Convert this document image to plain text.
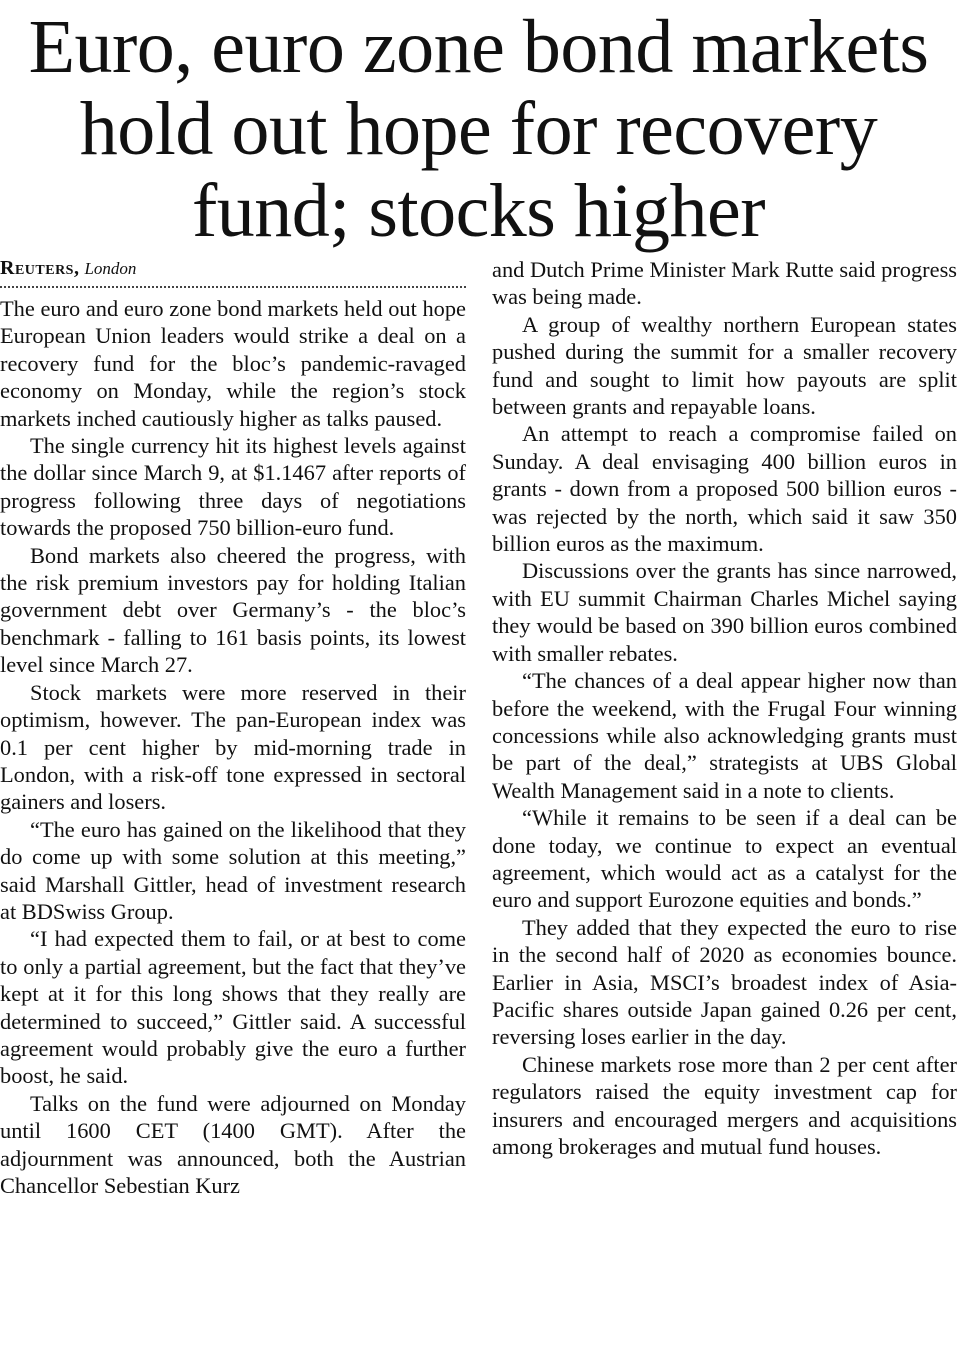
Euro, euro zone bond markets hold out hope for recovery fund; stocks higher
Reuters, London

The euro and euro zone bond markets held out hope European Union leaders would strike a deal on a recovery fund for the bloc’s pandemic-ravaged economy on Monday, while the region’s stock markets inched cautiously higher as talks paused.

The single currency hit its highest levels against the dollar since March 9, at $1.1467 after reports of progress following three days of negotiations towards the proposed 750 billion-euro fund.

Bond markets also cheered the progress, with the risk premium investors pay for holding Italian government debt over Germany’s - the bloc’s benchmark - falling to 161 basis points, its lowest level since March 27.

Stock markets were more reserved in their optimism, however. The pan-European index was 0.1 per cent higher by mid-morning trade in London, with a risk-off tone expressed in sectoral gainers and losers.

“The euro has gained on the likelihood that they do come up with some solution at this meeting,” said Marshall Gittler, head of investment research at BDSwiss Group.

“I had expected them to fail, or at best to come to only a partial agreement, but the fact that they’ve kept at it for this long shows that they really are determined to succeed,” Gittler said. A successful agreement would probably give the euro a further boost, he said.

Talks on the fund were adjourned on Monday until 1600 CET (1400 GMT). After the adjournment was announced, both the Austrian Chancellor Sebestian Kurz

and Dutch Prime Minister Mark Rutte said progress was being made.

A group of wealthy northern European states pushed during the summit for a smaller recovery fund and sought to limit how payouts are split between grants and repayable loans.

An attempt to reach a compromise failed on Sunday. A deal envisaging 400 billion euros in grants - down from a proposed 500 billion euros - was rejected by the north, which said it saw 350 billion euros as the maximum.

Discussions over the grants has since narrowed, with EU summit Chairman Charles Michel saying they would be based on 390 billion euros combined with smaller rebates.

“The chances of a deal appear higher now than before the weekend, with the Frugal Four winning concessions while also acknowledging grants must be part of the deal,” strategists at UBS Global Wealth Management said in a note to clients.

“While it remains to be seen if a deal can be done today, we continue to expect an eventual agreement, which would act as a catalyst for the euro and support Eurozone equities and bonds.”

They added that they expected the euro to rise in the second half of 2020 as economies bounce. Earlier in Asia, MSCI’s broadest index of Asia-Pacific shares outside Japan gained 0.26 per cent, reversing loses earlier in the day.

Chinese markets rose more than 2 per cent after regulators raised the equity investment cap for insurers and encouraged mergers and acquisitions among brokerages and mutual fund houses.
